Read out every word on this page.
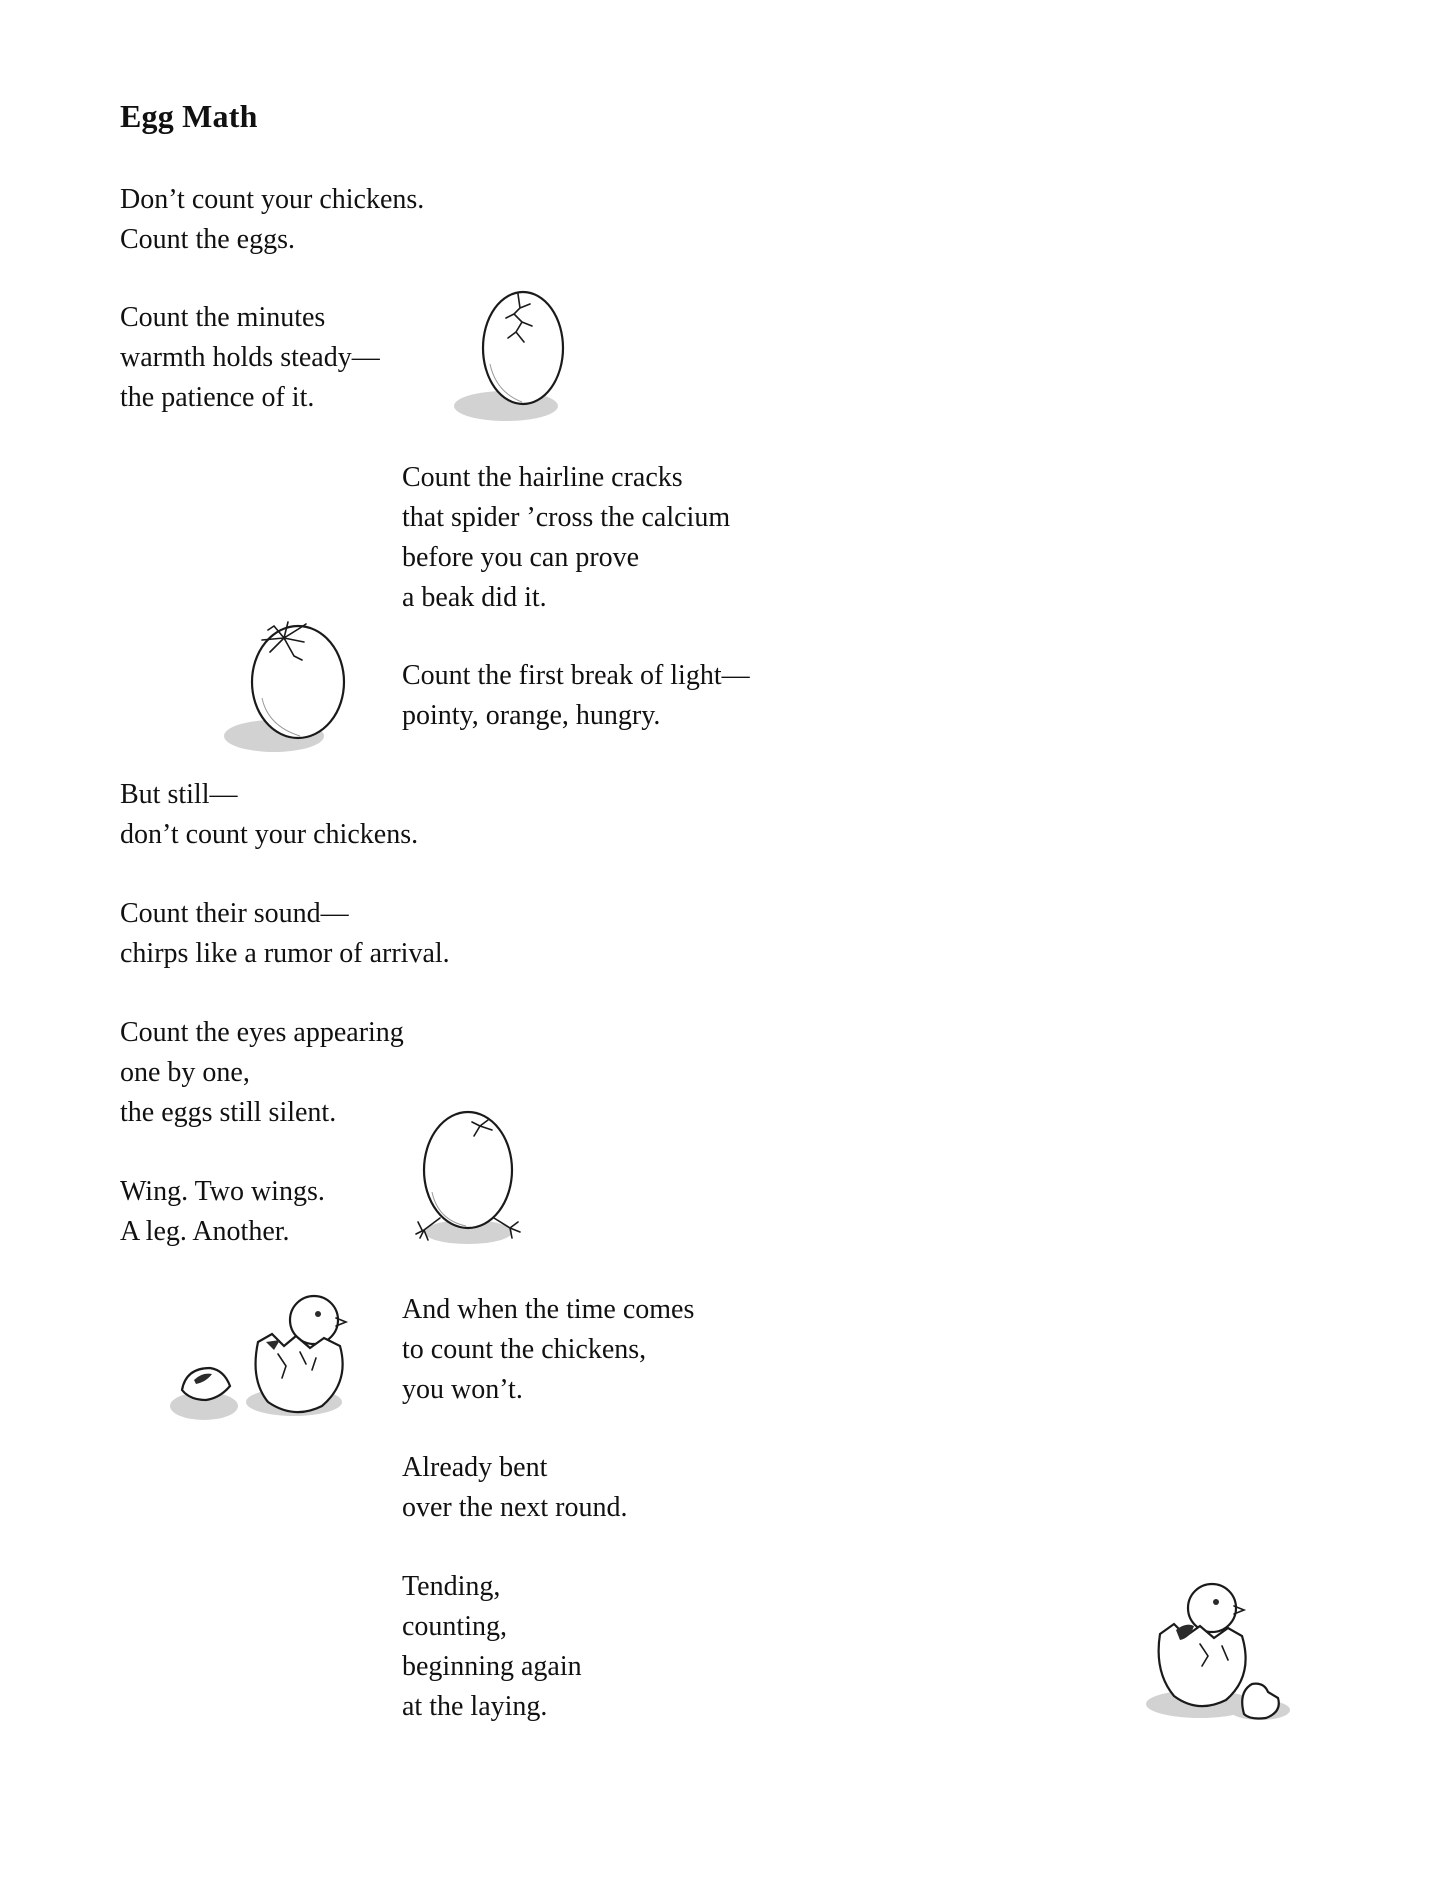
Egg Math
Don’t count your chickens.
Count the eggs.
Count the minutes
warmth holds steady—
the patience of it.
Count the hairline cracks
that spider ’cross the calcium
before you can prove
a beak did it.
Count the first break of light—
pointy, orange, hungry.
But still—
don’t count your chickens.
Count their sound—
chirps like a rumor of arrival.
Count the eyes appearing
one by one,
the eggs still silent.
Wing. Two wings.
A leg. Another.
And when the time comes
to count the chickens,
you won’t.
Already bent
over the next round.
Tending,
counting,
beginning again
at the laying.
